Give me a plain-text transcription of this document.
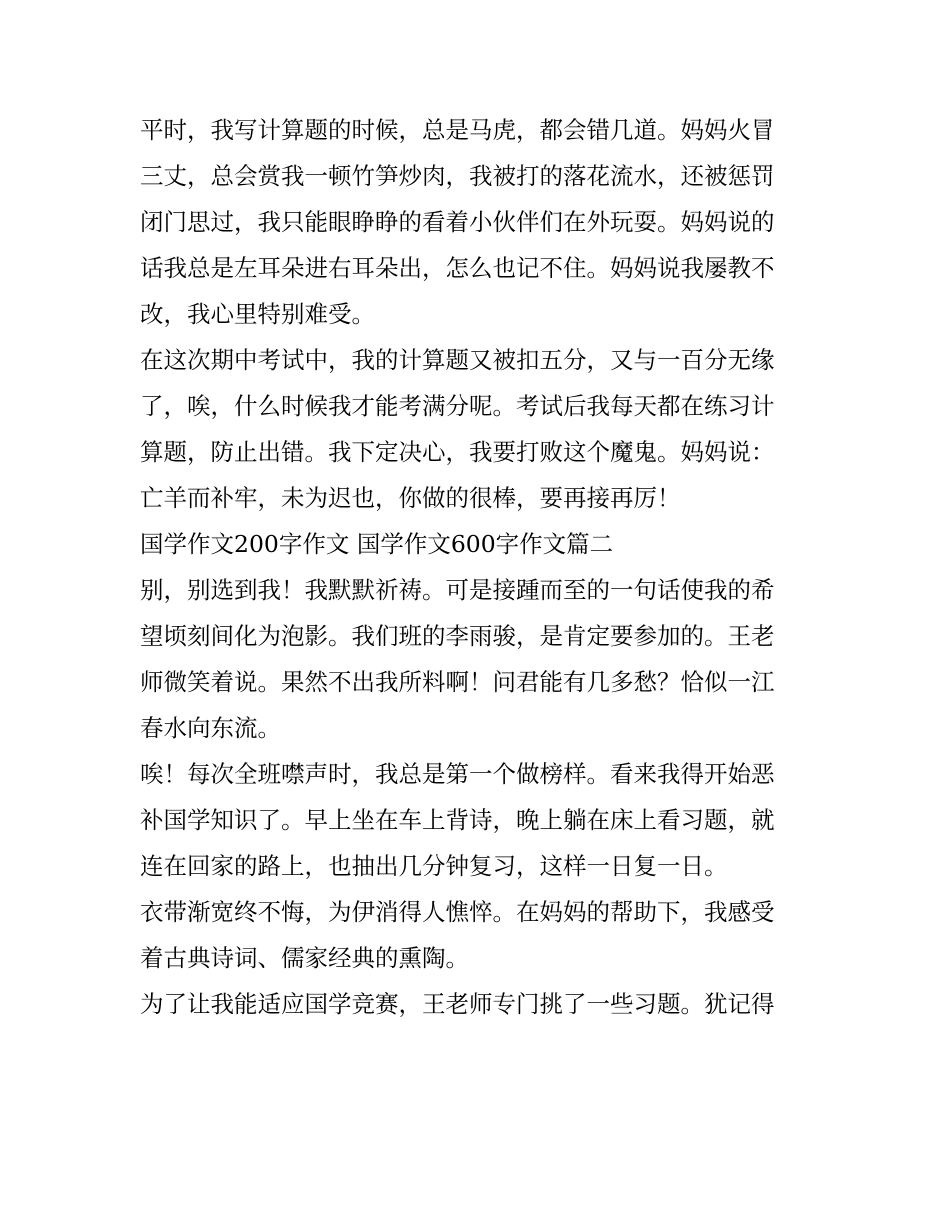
平时，我写计算题的时候，总是马虎，都会错几道。妈妈火冒
三丈，总会赏我一顿竹笋炒肉，我被打的落花流水，还被惩罚
闭门思过，我只能眼睁睁的看着小伙伴们在外玩耍。妈妈说的
话我总是左耳朵进右耳朵出，怎么也记不住。妈妈说我屡教不
改，我心里特别难受。
在这次期中考试中，我的计算题又被扣五分，又与一百分无缘
了，唉，什么时候我才能考满分呢。考试后我每天都在练习计
算题，防止出错。我下定决心，我要打败这个魔鬼。妈妈说：
亡羊而补牢，未为迟也，你做的很棒，要再接再厉！
国学作文200字作文 国学作文600字作文篇二
别，别选到我！我默默祈祷。可是接踵而至的一句话使我的希
望顷刻间化为泡影。我们班的李雨骏，是肯定要参加的。王老
师微笑着说。果然不出我所料啊！问君能有几多愁？恰似一江
春水向东流。
唉！每次全班噤声时，我总是第一个做榜样。看来我得开始恶
补国学知识了。早上坐在车上背诗，晚上躺在床上看习题，就
连在回家的路上，也抽出几分钟复习，这样一日复一日。
衣带渐宽终不悔，为伊消得人憔悴。在妈妈的帮助下，我感受
着古典诗词、儒家经典的熏陶。
为了让我能适应国学竞赛，王老师专门挑了一些习题。犹记得
